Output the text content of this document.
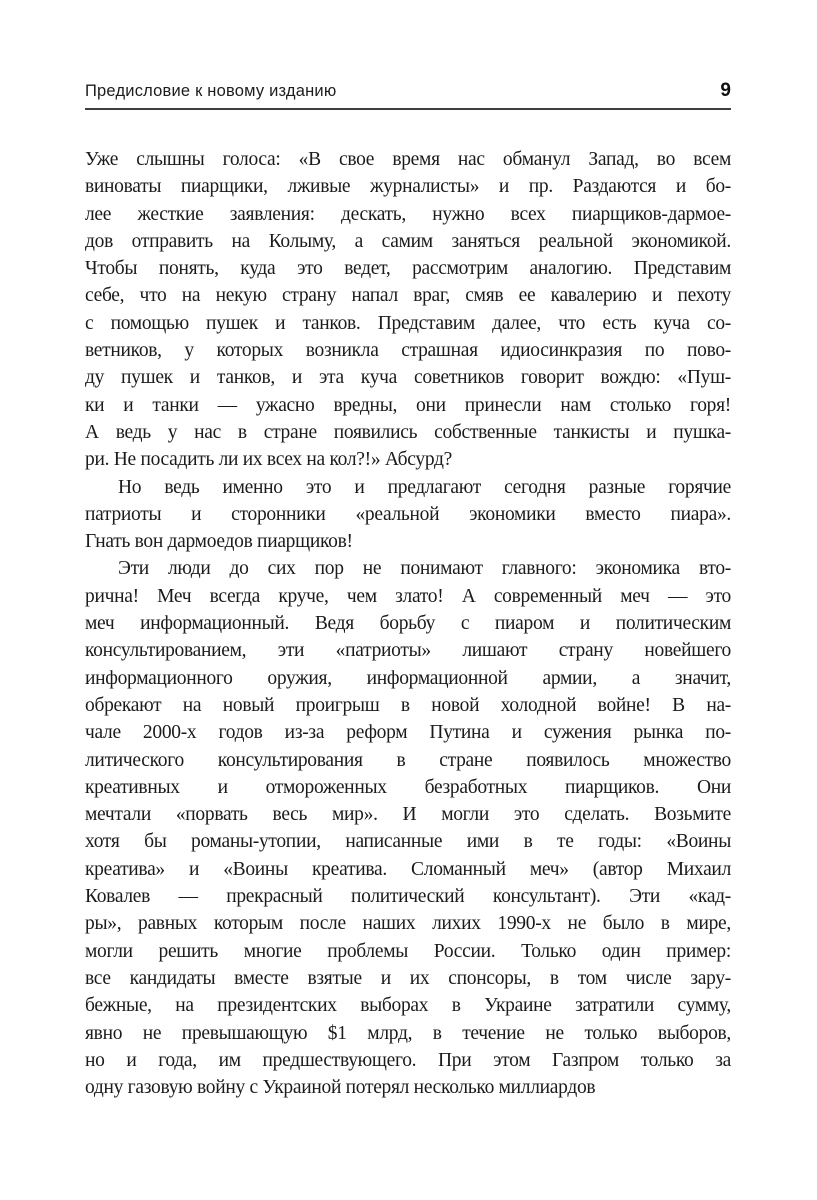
Предисловие к новому изданию	9
Уже слышны голоса: «В свое время нас обманул Запад, во всем
виноваты пиарщики, лживые журналисты» и пр. Раздаются и бо-
лее жесткие заявления: дескать, нужно всех пиарщиков-дармое-
дов отправить на Колыму, а самим заняться реальной экономикой.
Чтобы понять, куда это ведет, рассмотрим аналогию. Представим
себе, что на некую страну напал враг, смяв ее кавалерию и пехоту
с помощью пушек и танков. Представим далее, что есть куча со-
ветников, у которых возникла страшная идиосинкразия по пово-
ду пушек и танков, и эта куча советников говорит вождю: «Пуш-
ки и танки — ужасно вредны, они принесли нам столько горя!
А ведь у нас в стране появились собственные танкисты и пушка-
ри. Не посадить ли их всех на кол?!» Абсурд?
Но ведь именно это и предлагают сегодня разные горячие
патриоты и сторонники «реальной экономики вместо пиара».
Гнать вон дармоедов пиарщиков!
Эти люди до сих пор не понимают главного: экономика вто-
рична! Меч всегда круче, чем злато! А современный меч — это
меч информационный. Ведя борьбу с пиаром и политическим
консультированием, эти «патриоты» лишают страну новейшего
информационного оружия, информационной армии, а значит,
обрекают на новый проигрыш в новой холодной войне! В на-
чале 2000-х годов из-за реформ Путина и сужения рынка по-
литического консультирования в стране появилось множество
креативных и отмороженных безработных пиарщиков. Они
мечтали «порвать весь мир». И могли это сделать. Возьмите
хотя бы романы-утопии, написанные ими в те годы: «Воины
креатива» и «Воины креатива. Сломанный меч» (автор Михаил
Ковалев — прекрасный политический консультант). Эти «кад-
ры», равных которым после наших лихих 1990-х не было в мире,
могли решить многие проблемы России. Только один пример:
все кандидаты вместе взятые и их спонсоры, в том числе зару-
бежные, на президентских выборах в Украине затратили сумму,
явно не превышающую $1 млрд, в течение не только выборов,
но и года, им предшествующего. При этом Газпром только за
одну газовую войну с Украиной потерял несколько миллиардов
